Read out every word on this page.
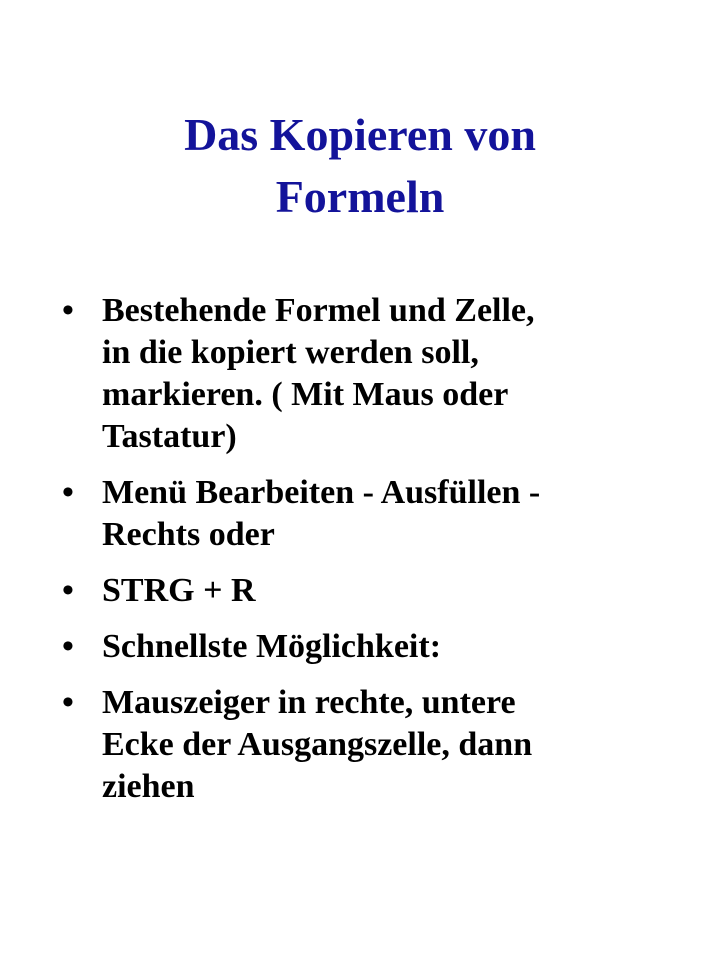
Das Kopieren von
Formeln
• Bestehende Formel und Zelle,
in die kopiert werden soll,
markieren. ( Mit Maus oder
Tastatur)
• Menü Bearbeiten - Ausfüllen -
Rechts oder
• STRG + R
• Schnellste Möglichkeit:
• Mauszeiger in rechte, untere
Ecke der Ausgangszelle, dann
ziehen
